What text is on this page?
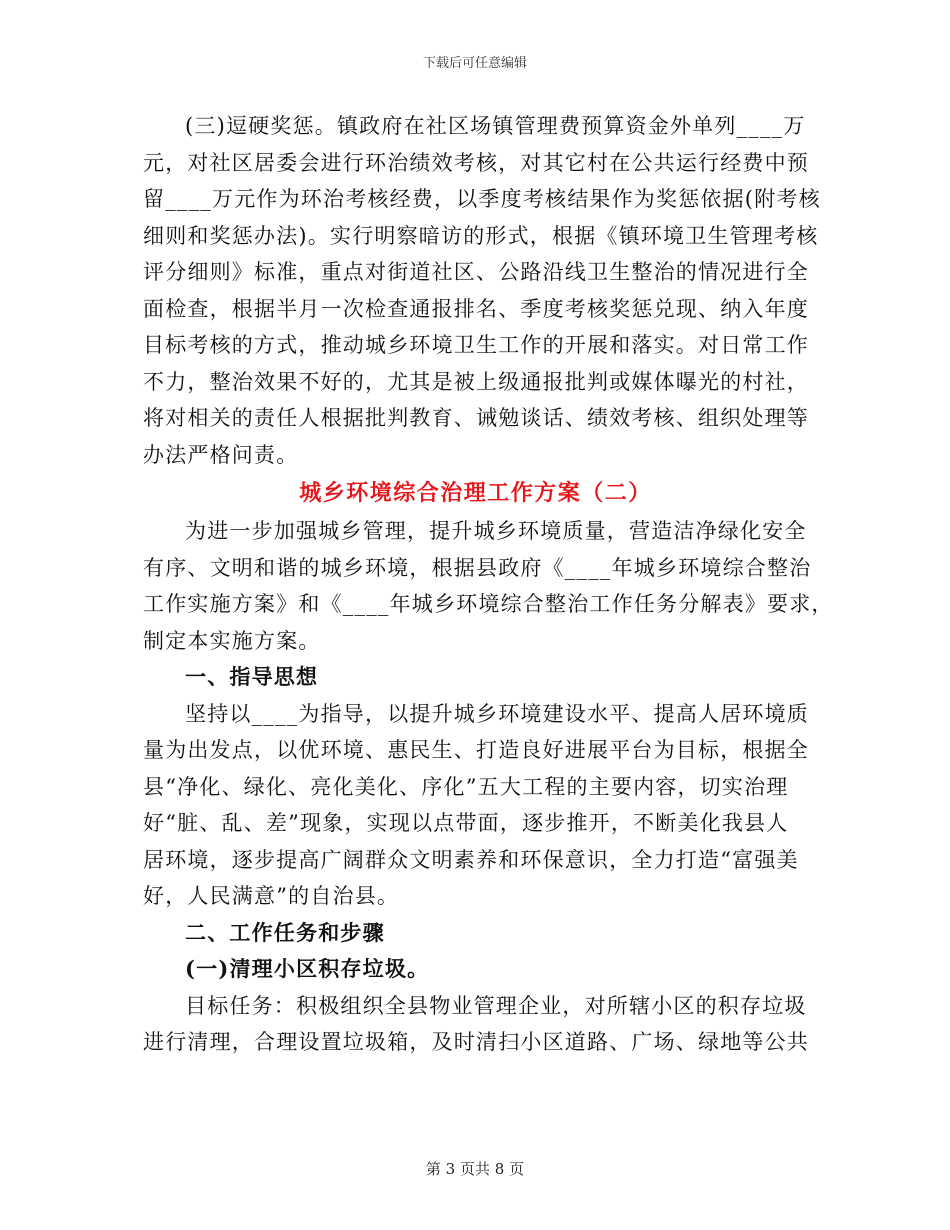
下载后可任意编辑
(三)逗硬奖惩。镇政府在社区场镇管理费预算资金外单列____万
元，对社区居委会进行环治绩效考核，对其它村在公共运行经费中预
留____万元作为环治考核经费，以季度考核结果作为奖惩依据(附考核
细则和奖惩办法)。实行明察暗访的形式，根据《镇环境卫生管理考核
评分细则》标准，重点对街道社区、公路沿线卫生整治的情况进行全
面检查，根据半月一次检查通报排名、季度考核奖惩兑现、纳入年度
目标考核的方式，推动城乡环境卫生工作的开展和落实。对日常工作
不力，整治效果不好的，尤其是被上级通报批判或媒体曝光的村社，
将对相关的责任人根据批判教育、诫勉谈话、绩效考核、组织处理等
办法严格问责。
城乡环境综合治理工作方案（二）
为进一步加强城乡管理，提升城乡环境质量，营造洁净绿化安全
有序、文明和谐的城乡环境，根据县政府《____年城乡环境综合整治
工作实施方案》和《____年城乡环境综合整治工作任务分解表》要求，
制定本实施方案。
一、指导思想
坚持以____为指导，以提升城乡环境建设水平、提高人居环境质
量为出发点，以优环境、惠民生、打造良好进展平台为目标，根据全
县“净化、绿化、亮化美化、序化”五大工程的主要内容，切实治理
好“脏、乱、差”现象，实现以点带面，逐步推开，不断美化我县人
居环境，逐步提高广阔群众文明素养和环保意识，全力打造“富强美
好，人民满意”的自治县。
二、工作任务和步骤
(一)清理小区积存垃圾。
目标任务：积极组织全县物业管理企业，对所辖小区的积存垃圾
进行清理，合理设置垃圾箱，及时清扫小区道路、广场、绿地等公共
第 3 页共 8 页
